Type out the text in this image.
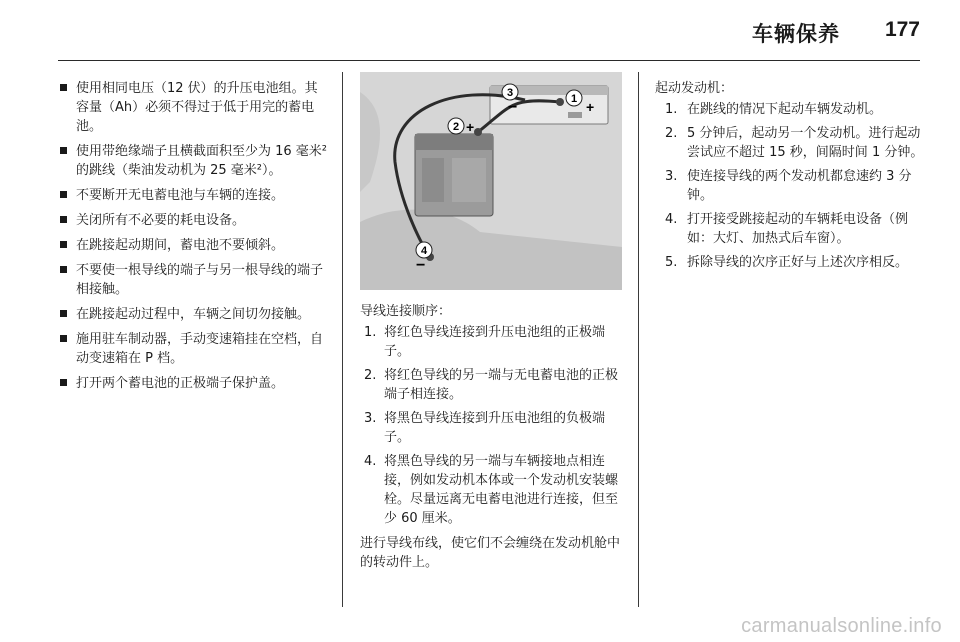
车辆保养 177
使用相同电压（12 伏）的升压电池组。其容量（Ah）必须不得过于低于用完的蓄电池。
使用带绝缘端子且横截面积至少为 16 毫米² 的跳线（柴油发动机为 25 毫米²）。
不要断开无电蓄电池与车辆的连接。
关闭所有不必要的耗电设备。
在跳接起动期间，蓄电池不要倾斜。
不要使一根导线的端子与另一根导线的端子相接触。
在跳接起动过程中，车辆之间切勿接触。
施用驻车制动器，手动变速箱挂在空档，自动变速箱在 P 档。
打开两个蓄电池的正极端子保护盖。
1 +
2 +
3
−
4
−
导线连接顺序：
1. 将红色导线连接到升压电池组的正极端子。
2. 将红色导线的另一端与无电蓄电池的正极端子相连接。
3. 将黑色导线连接到升压电池组的负极端子。
4. 将黑色导线的另一端与车辆接地点相连接，例如发动机本体或一个发动机安装螺栓。尽量远离无电蓄电池进行连接，但至少 60 厘米。
进行导线布线，使它们不会缠绕在发动机舱中的转动件上。
起动发动机：
1. 在跳线的情况下起动车辆发动机。
2. 5 分钟后，起动另一个发动机。进行起动尝试应不超过 15 秒，间隔时间 1 分钟。
3. 使连接导线的两个发动机都怠速约 3 分钟。
4. 打开接受跳接起动的车辆耗电设备（例如：大灯、加热式后车窗）。
5. 拆除导线的次序正好与上述次序相反。
carmanualsonline.info
